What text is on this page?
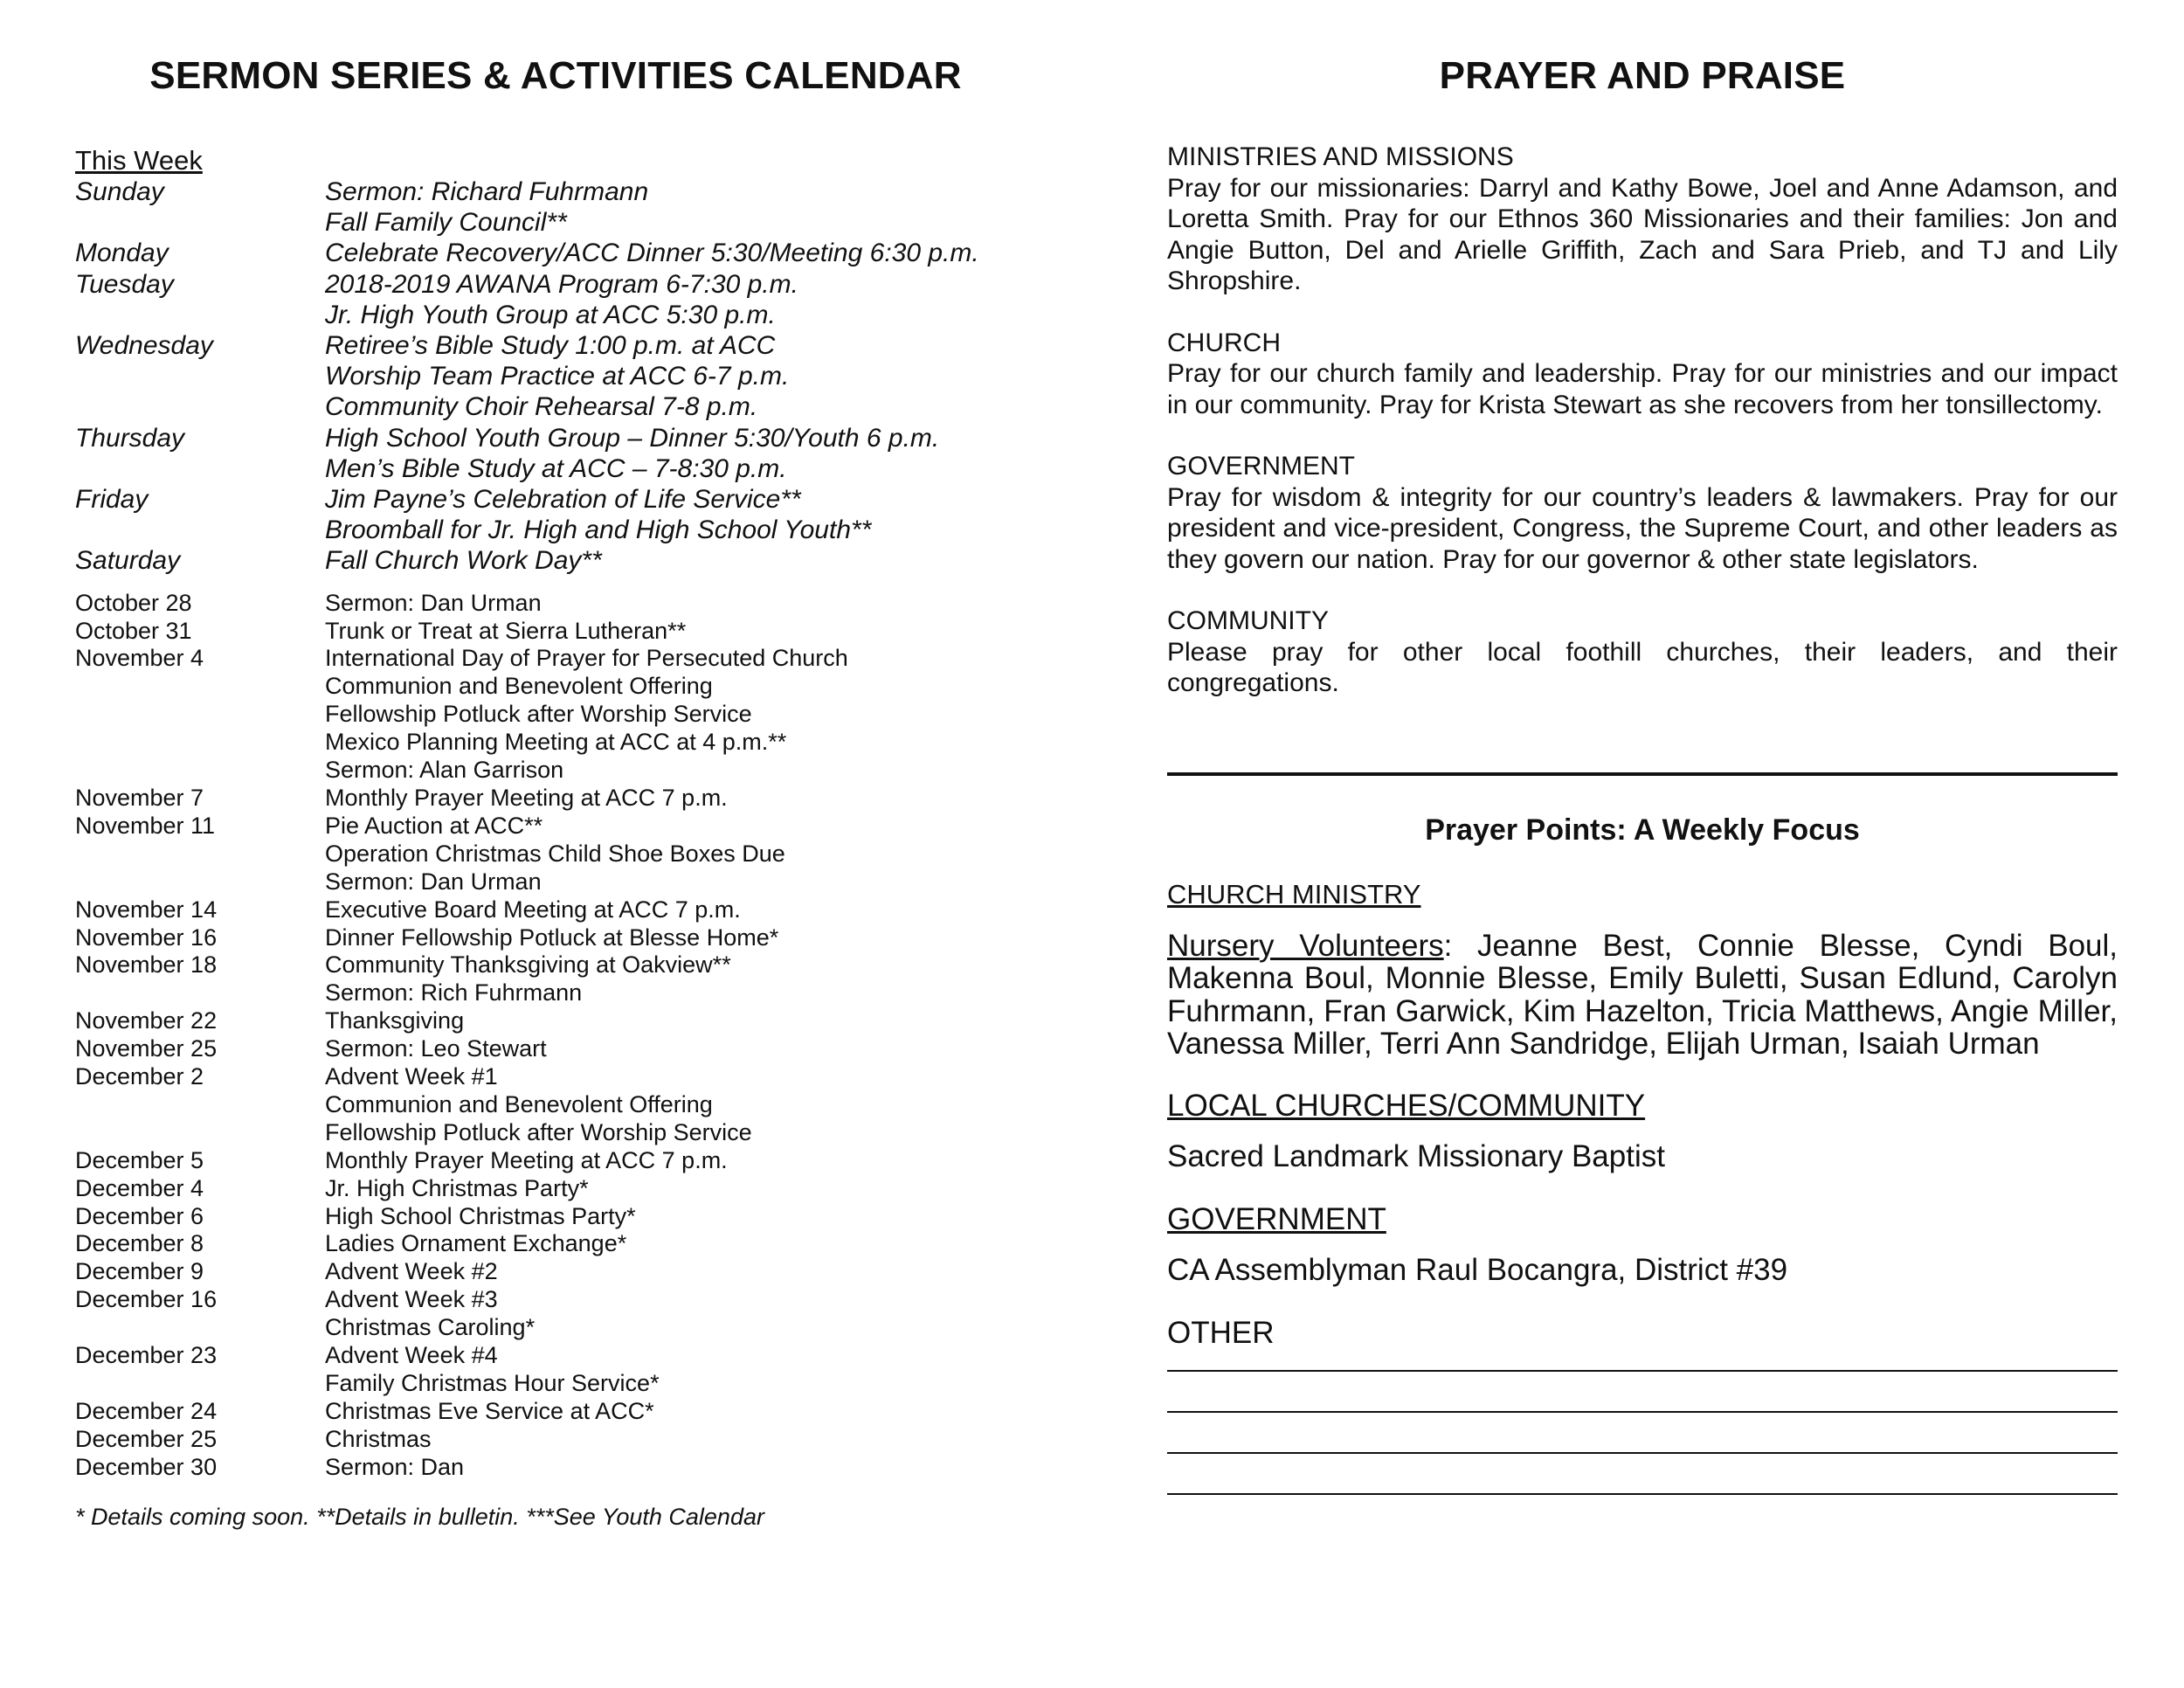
SERMON SERIES & ACTIVITIES CALENDAR
This Week
Sunday	Sermon: Richard Fuhrmann
Fall Family Council**
Monday	Celebrate Recovery/ACC Dinner 5:30/Meeting 6:30 p.m.
Tuesday	2018-2019 AWANA Program 6-7:30 p.m.
Jr. High Youth Group at ACC 5:30 p.m.
Wednesday	Retiree’s Bible Study 1:00 p.m. at ACC
Worship Team Practice at ACC 6-7 p.m.
Community Choir Rehearsal 7-8 p.m.
Thursday	High School Youth Group – Dinner 5:30/Youth 6 p.m.
Men’s Bible Study at ACC – 7-8:30 p.m.
Friday	Jim Payne’s Celebration of Life Service**
Broomball for Jr. High and High School Youth**
Saturday	Fall Church Work Day**
October 28	Sermon: Dan Urman
October 31	Trunk or Treat at Sierra Lutheran**
November 4	International Day of Prayer for Persecuted Church
Communion and Benevolent Offering
Fellowship Potluck after Worship Service
Mexico Planning Meeting at ACC at 4 p.m.**
Sermon: Alan Garrison
November 7	Monthly Prayer Meeting at ACC 7 p.m.
November 11	Pie Auction at ACC**
Operation Christmas Child Shoe Boxes Due
Sermon: Dan Urman
November 14	Executive Board Meeting at ACC 7 p.m.
November 16	Dinner Fellowship Potluck at Blesse Home*
November 18	Community Thanksgiving at Oakview**
Sermon: Rich Fuhrmann
November 22	Thanksgiving
November 25	Sermon: Leo Stewart
December 2	Advent Week #1
Communion and Benevolent Offering
Fellowship Potluck after Worship Service
December 5	Monthly Prayer Meeting at ACC 7 p.m.
December 4	Jr. High Christmas Party*
December 6	High School Christmas Party*
December 8	Ladies Ornament Exchange*
December 9	Advent Week #2
December 16	Advent Week #3
Christmas Caroling*
December 23	Advent Week #4
Family Christmas Hour Service*
December 24	Christmas Eve Service at ACC*
December 25	Christmas
December 30	Sermon: Dan
* Details coming soon. **Details in bulletin. ***See Youth Calendar
PRAYER AND PRAISE
MINISTRIES AND MISSIONS
Pray for our missionaries: Darryl and Kathy Bowe, Joel and Anne Adamson, and Loretta Smith. Pray for our Ethnos 360 Missionaries and their families: Jon and Angie Button, Del and Arielle Griffith, Zach and Sara Prieb, and TJ and Lily Shropshire.
CHURCH
Pray for our church family and leadership. Pray for our ministries and our impact in our community. Pray for Krista Stewart as she recovers from her tonsillectomy.
GOVERNMENT
Pray for wisdom & integrity for our country’s leaders & lawmakers. Pray for our president and vice-president, Congress, the Supreme Court, and other leaders as they govern our nation. Pray for our governor & other state legislators.
COMMUNITY
Please pray for other local foothill churches, their leaders, and their congregations.
Prayer Points: A Weekly Focus
CHURCH MINISTRY
Nursery Volunteers: Jeanne Best, Connie Blesse, Cyndi Boul, Makenna Boul, Monnie Blesse, Emily Buletti, Susan Edlund, Carolyn Fuhrmann, Fran Garwick, Kim Hazelton, Tricia Matthews, Angie Miller, Vanessa Miller, Terri Ann Sandridge, Elijah Urman, Isaiah Urman
LOCAL CHURCHES/COMMUNITY
Sacred Landmark Missionary Baptist
GOVERNMENT
CA Assemblyman Raul Bocangra, District #39
OTHER
